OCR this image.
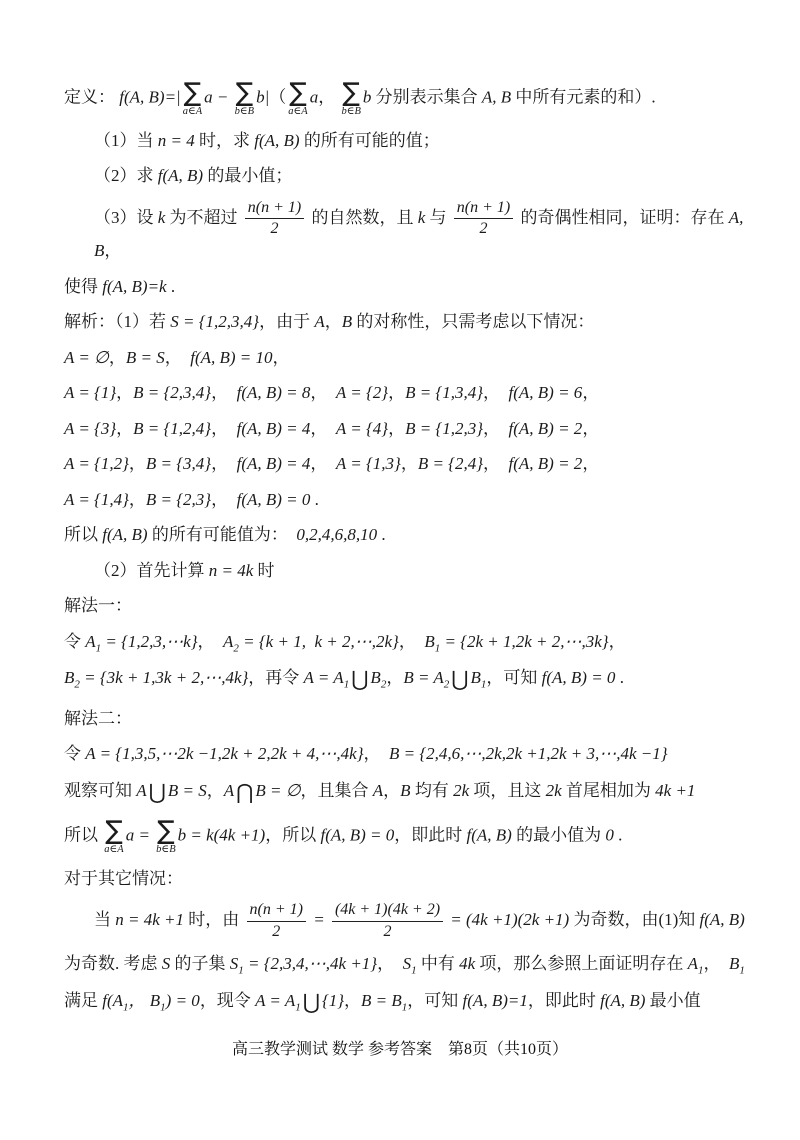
定义： f(A, B)=| ∑
a∈A
a − ∑
b∈B
b|（ ∑
a∈A
a， ∑
b∈B
b 分别表示集合 A, B 中所有元素的和）.
（1）当 n = 4 时，求 f(A, B) 的所有可能的值；
（2）求 f(A, B) 的最小值；
（3）设 k 为不超过 $\frac{n(n + 1)}{2}$ 的自然数，且 k 与 $\frac{n(n + 1)}{2}$ 的奇偶性相同，证明：存在 A, B，
使得 f(A, B)=k .
解析：（1）若 S = {1,2,3,4}，由于 A，B 的对称性，只需考虑以下情况：
A = ∅，B = S，  f(A, B) = 10，
A = {1}，B = {2,3,4}，  f(A, B) = 8，  A = {2}，B = {1,3,4}，  f(A, B) = 6，
A = {3}，B = {1,2,4}，  f(A, B) = 4，  A = {4}，B = {1,2,3}，  f(A, B) = 2，
A = {1,2}，B = {3,4}，  f(A, B) = 4，  A = {1,3}，B = {2,4}，  f(A, B) = 2，
A = {1,4}，B = {2,3}，  f(A, B) = 0 .
所以 f(A, B) 的所有可能值为：  0,2,4,6,8,10 .
（2）首先计算 n = 4k 时
解法一：
令 $A_1$ = {1,2,3,⋯k}，  $A_2 = \{k + 1$,  k + 2,⋯,2k}，  $B_1 = \{2k + 1,2k$ + 2,⋯,3k}，
$B_2 = \{3k + 1,3k$ + 2,⋯,4k}，再令 $A = A_1⋃$ $B_2$，$B = A_2⋃$ $B_1$，可知 f(A, B) = 0 .
解法二：
令 A = {1,3,5,⋯2k −1,2k + 2,2k + 4,⋯,4k}，  B = {2,4,6,⋯,2k,2k +1,2k + 3,⋯,4k −1}
观察可知 A⋃ B = S，A⋂ B = ∅，且集合 A，B 均有 2k 项，且这 2k 首尾相加为 4k +1
所以 ∑
a∈A
a = ∑
b∈B
b = k(4k +1)，所以 f(A, B) = 0，即此时 f(A, B) 的最小值为 0 .
对于其它情况：
当 n = 4k +1 时，由 $\frac{n(n + 1)}{2} = \frac{(4k + 1)(4k + 2)}{2} = (4k +1)(2k +1)$ 为奇数，由(1)知 f(A, B)
为奇数. 考虑 S 的子集 $S_1$ = {2,3,4,⋯,4k +1}，  $S_1$ 中有 4k 项，那么参照上面证明存在 $A_1$，  $B_1$
满足 $f(A_1$， $B_1) = 0$，现令 $A = A_1⋃$ {1}，$B = B_1$，可知 f(A, B)=1，即此时 f(A, B) 最小值
高三教学测试 数学 参考答案　第8页（共10页）
